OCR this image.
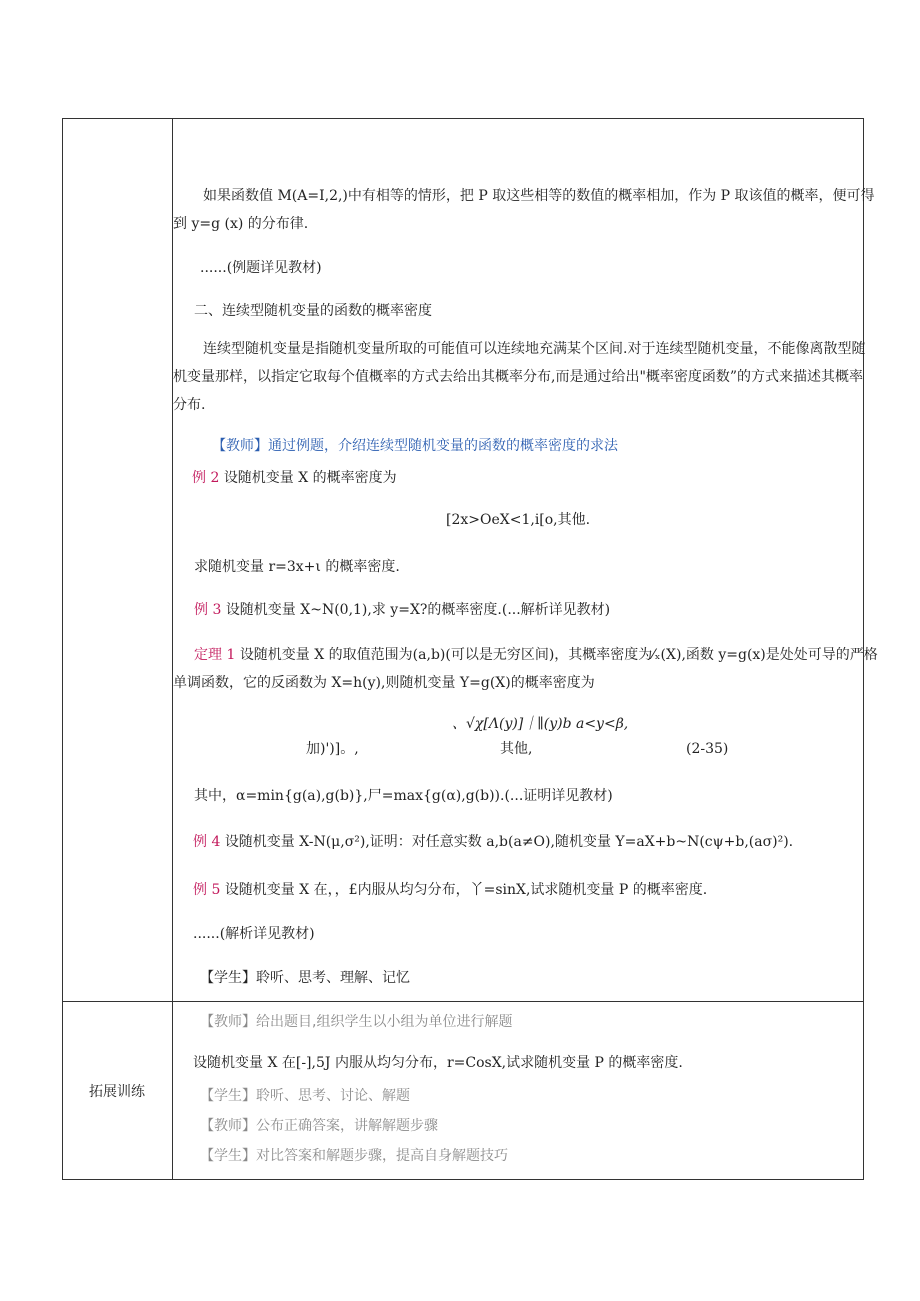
如果函数值 M(A=I,2,)中有相等的情形，把 P 取这些相等的数值的概率相加，作为 P 取该值的概率，便可得
到 y=g (x) 的分布律.
......(例题详见教材)
二、连续型随机变量的函数的概率密度
连续型随机变量是指随机变量所取的可能值可以连续地充满某个区间.对于连续型随机变量，不能像离散型随
机变量那样，以指定它取每个值概率的方式去给出其概率分布,而是通过给出"概率密度函数”的方式来描述其概率
分布.
【教师】通过例题，介绍连续型随机变量的函数的概率密度的求法
例 2 设随机变量 X 的概率密度为
[2x>OeX<1,i[o,其他.
求随机变量 r=3x+ι 的概率密度.
例 3 设随机变量 X~N(0,1),求 y=X?的概率密度.(...解析详见教材)
定理 1 设随机变量 X 的取值范围为(a,b)(可以是无穷区间)，其概率密度为⁄ₓ(X),函数 y=g(x)是处处可导的严格
单调函数，它的反函数为 X=h(y),则随机变量 Y=g(X)的概率密度为
、√χ[Λ(y)]｜∥(y)b a<y<β,
加)')]。,	其他,	(2-35)
其中，α=min{g(a),g(b)},尸=max{g(α),g(b)).(...证明详见教材)
例 4 设随机变量 X-N(μ,σ²),证明：对任意实数 a,b(a≠O),随机变量 Y=aX+b~N(cψ+b,(aσ)²).
例 5 设随机变量 X 在，，£内服从均匀分布，丫=sinX,试求随机变量 P 的概率密度.
......(解析详见教材)
【学生】聆听、思考、理解、记忆
拓展训练
【教师】给出题目,组织学生以小组为单位进行解题
设随机变量 X 在[-],5J 内服从均匀分布，r=CosX,试求随机变量 P 的概率密度.
【学生】聆听、思考、讨论、解题
【教师】公布正确答案，讲解解题步骤
【学生】对比答案和解题步骤，提高自身解题技巧
